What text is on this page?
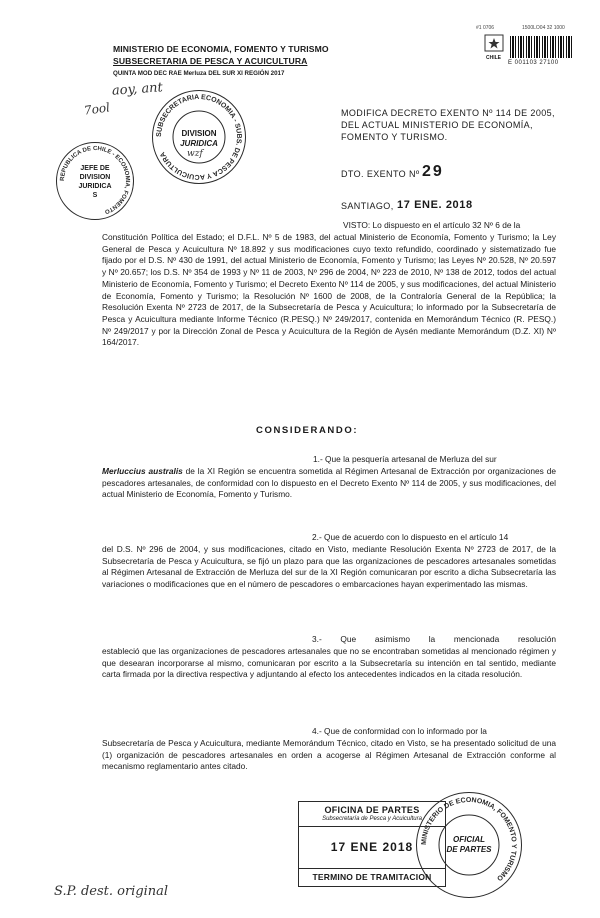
#1 0706	1500LO04 32 1000
CHILE
E 001103 27100
MINISTERIO DE ECONOMIA, FOMENTO Y TURISMO
SUBSECRETARIA DE PESCA Y ACUICULTURA
QUINTA MOD DEC RAE Merluza DEL SUR XI REGIÓN 2017
aoy, ant
7ool
SUBSECRETARIA ECONOMIA - SUBS. DE PESCA Y ACUICULTURA
DIVISION
JURIDICA
wzf
REPUBLICA DE CHILE - ECONOMIA, FOMENTO
JEFE DE
DIVISION
JURIDICA
S
MODIFICA DECRETO EXENTO Nº 114 DE 2005,
DEL ACTUAL MINISTERIO DE ECONOMÍA,
FOMENTO Y TURISMO.
DTO. EXENTO Nº 29
SANTIAGO, 17 ENE. 2018
VISTO: Lo dispuesto en el artículo 32 Nº 6 de la
Constitución Política del Estado; el D.F.L. Nº 5 de 1983, del actual Ministerio de Economía, Fomento y Turismo; la Ley General de Pesca y Acuicultura Nº 18.892 y sus modificaciones cuyo texto refundido, coordinado y sistematizado fue fijado por el D.S. Nº 430 de 1991, del actual Ministerio de Economía, Fomento y Turismo; las Leyes Nº 20.528, Nº 20.597 y Nº 20.657; los D.S. Nº 354 de 1993 y Nº 11 de 2003, Nº 296 de 2004, Nº 223 de 2010, Nº 138 de 2012, todos del actual Ministerio de Economía, Fomento y Turismo; el Decreto Exento Nº 114 de 2005, y sus modificaciones, del actual Ministerio de Economía, Fomento y Turismo; la Resolución Nº 1600 de 2008, de la Contraloría General de la República; la Resolución Exenta Nº 2723 de 2017, de la Subsecretaría de Pesca y Acuicultura; lo informado por la Subsecretaría de Pesca y Acuicultura mediante Informe Técnico (R.PESQ.) Nº 249/2017, contenida en Memorándum Técnico (R. PESQ.) Nº 249/2017 y por la Dirección Zonal de Pesca y Acuicultura de la Región de Aysén mediante Memorándum (D.Z. XI) Nº 164/2017.
CONSIDERANDO:
1.- Que la pesquería artesanal de Merluza del sur
Merluccius australis de la XI Región se encuentra sometida al Régimen Artesanal de Extracción por organizaciones de pescadores artesanales, de conformidad con lo dispuesto en el Decreto Exento Nº 114 de 2005, y sus modificaciones, del actual Ministerio de Economía, Fomento y Turismo.
2.- Que de acuerdo con lo dispuesto en el artículo 14
del D.S. Nº 296 de 2004, y sus modificaciones, citado en Visto, mediante Resolución Exenta Nº 2723 de 2017, de la Subsecretaría de Pesca y Acuicultura, se fijó un plazo para que las organizaciones de pescadores artesanales sometidas al Régimen Artesanal de Extracción de Merluza del sur de la XI Región comunicaran por escrito a dicha Subsecretaría las variaciones o modificaciones que en el número de pescadores o embarcaciones hayan experimentado las mismas.
3.- Que asimismo la mencionada resolución
estableció que las organizaciones de pescadores artesanales que no se encontraban sometidas al mencionado régimen y que desearan incorporarse al mismo, comunicaran por escrito a la Subsecretaría su intención en tal sentido, mediante carta firmada por la directiva respectiva y adjuntando al efecto los antecedentes indicados en la citada resolución.
4.- Que de conformidad con lo informado por la
Subsecretaría de Pesca y Acuicultura, mediante Memorándum Técnico, citado en Visto, se ha presentado solicitud de una (1) organización de pescadores artesanales en orden a acogerse al Régimen Artesanal de Extracción conforme al mecanismo reglamentario antes citado.
OFICINA DE PARTES
Subsecretaría de Pesca y Acuicultura
17 ENE 2018
TERMINO DE TRAMITACION
MINISTERIO DE ECONOMIA, FOMENTO Y TURISMO
OFICIAL
DE PARTES
S.P. dest. original
